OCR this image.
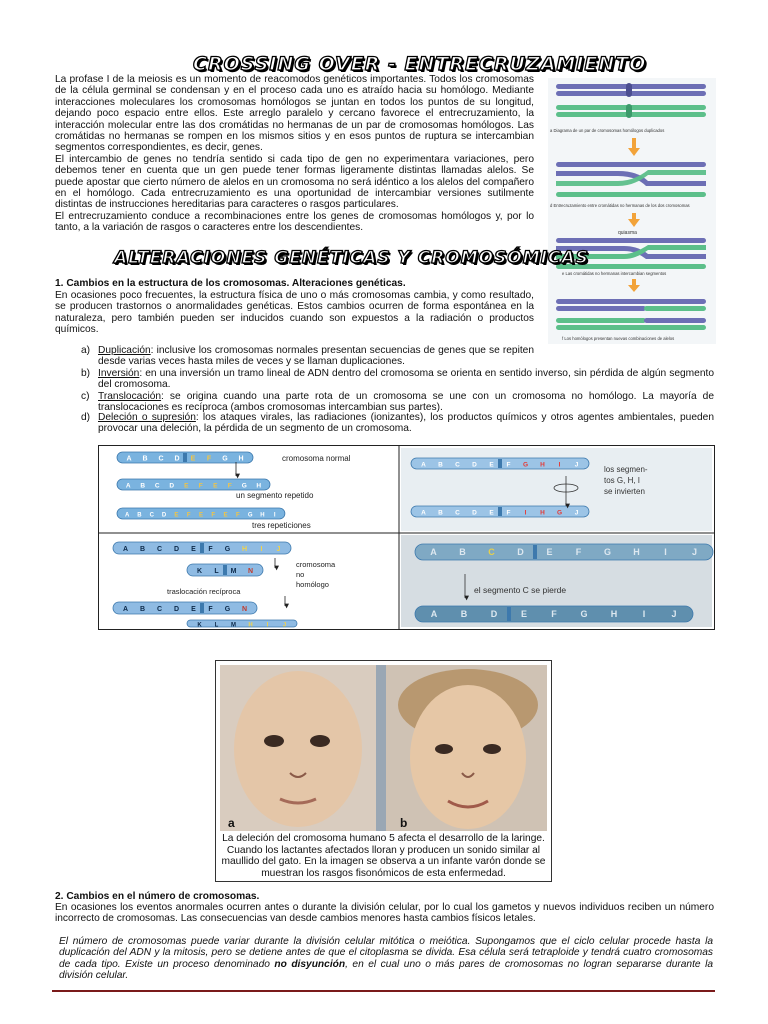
CROSSING OVER - ENTRECRUZAMIENTO

La profase I de la meiosis es un momento de reacomodos genéticos importantes. Todos los cromosomas de la célula germinal se condensan y en el proceso cada uno es atraído hacia su homólogo. Mediante interacciones moleculares los cromosomas homólogos se juntan en todos los puntos de su longitud, dejando poco espacio entre ellos. Este arreglo paralelo y cercano favorece el entrecruzamiento, la interacción molecular entre las dos cromátidas no hermanas de un par de cromosomas homólogos. Las cromátidas no hermanas se rompen en los mismos sitios y en esos puntos de ruptura se intercambian segmentos correspondientes, es decir, genes.

El intercambio de genes no tendría sentido si cada tipo de gen no experimentara variaciones, pero debemos tener en cuenta que un gen puede tener formas ligeramente distintas llamadas alelos. Se puede apostar que cierto número de alelos en un cromosoma no será idéntico a los alelos del compañero en el homólogo. Cada entrecruzamiento es una oportunidad de intercambiar versiones sutilmente distintas de instrucciones hereditarias para caracteres o rasgos particulares.

El entrecruzamiento conduce a recombinaciones entre los genes de cromosomas homólogos y, por lo tanto, a la variación de rasgos o caracteres entre los descendientes.

a Diagrama de un par de cromosomas homólogos duplicados
d Entrecruzamiento entre cromátidas no hermanas de los dos cromosomas
quiasma
e Las cromátidas no hermanas intercambian segmentos
f Los homólogos presentan nuevas combinaciones de alelos
ALTERACIONES GENÉTICAS Y CROMOSÓMICAS
1. Cambios en la estructura de los cromosomas. Alteraciones genéticas.

En ocasiones poco frecuentes, la estructura física de uno o más cromosomas cambia, y como resultado, se producen trastornos o anormalidades genéticas. Estos cambios ocurren de forma espontánea en la naturaleza, pero también pueden ser inducidos cuando son expuestos a la radiación o productos químicos.

a) Duplicación: inclusive los cromosomas normales presentan secuencias de genes que se repiten desde varias veces hasta miles de veces y se llaman duplicaciones.
b) Inversión: en una inversión un tramo lineal de ADN dentro del cromosoma se orienta en sentido inverso, sin pérdida de algún segmento del cromosoma.
c) Translocación: se origina cuando una parte rota de un cromosoma se une con un cromosoma no homólogo. La mayoría de translocaciones es recíproca (ambos cromosomas intercambian sus partes).
d) Deleción o supresión: los ataques virales, las radiaciones (ionizantes), los productos químicos y otros agentes ambientales, pueden provocar una deleción, la pérdida de un segmento de un cromosoma.
A B C D E F G H
A B C D E F E F G H
A B C D E F E F E F G H I
A B C D E F G H I J
A B C D E F I H G J
A B C D E F G H I J
K L M N
A B C D E F G N
K L M H I J
A	B	C	D	E	F	G H	I	J
A	B	D	E	F	G	H	I	J
cromosoma normal
un segmento repetido
tres repeticiones
los segmen-
tos G, H, I
se invierten
cromosoma
no
homólogo
traslocación recíproca	el segmento C se pierde
a	b
La deleción del cromosoma humano 5 afecta el desarrollo de la laringe. Cuando los lactantes afectados lloran y producen un sonido similar al maullido del gato. En la imagen se observa a un infante varón donde se muestran los rasgos fisonómicos de esta enfermedad.
2. Cambios en el número de cromosomas.

En ocasiones los eventos anormales ocurren antes o durante la división celular, por lo cual los gametos y nuevos individuos reciben un número incorrecto de cromosomas. Las consecuencias van desde cambios menores hasta cambios físicos letales.

El número de cromosomas puede variar durante la división celular mitótica o meiótica. Supongamos que el ciclo celular procede hasta la duplicación del ADN y la mitosis, pero se detiene antes de que el citoplasma se divida. Esa célula será tetraploide y tendrá cuatro cromosomas de cada tipo. Existe un proceso denominado no disyunción, en el cual uno o más pares de cromosomas no logran separarse durante la división celular.
